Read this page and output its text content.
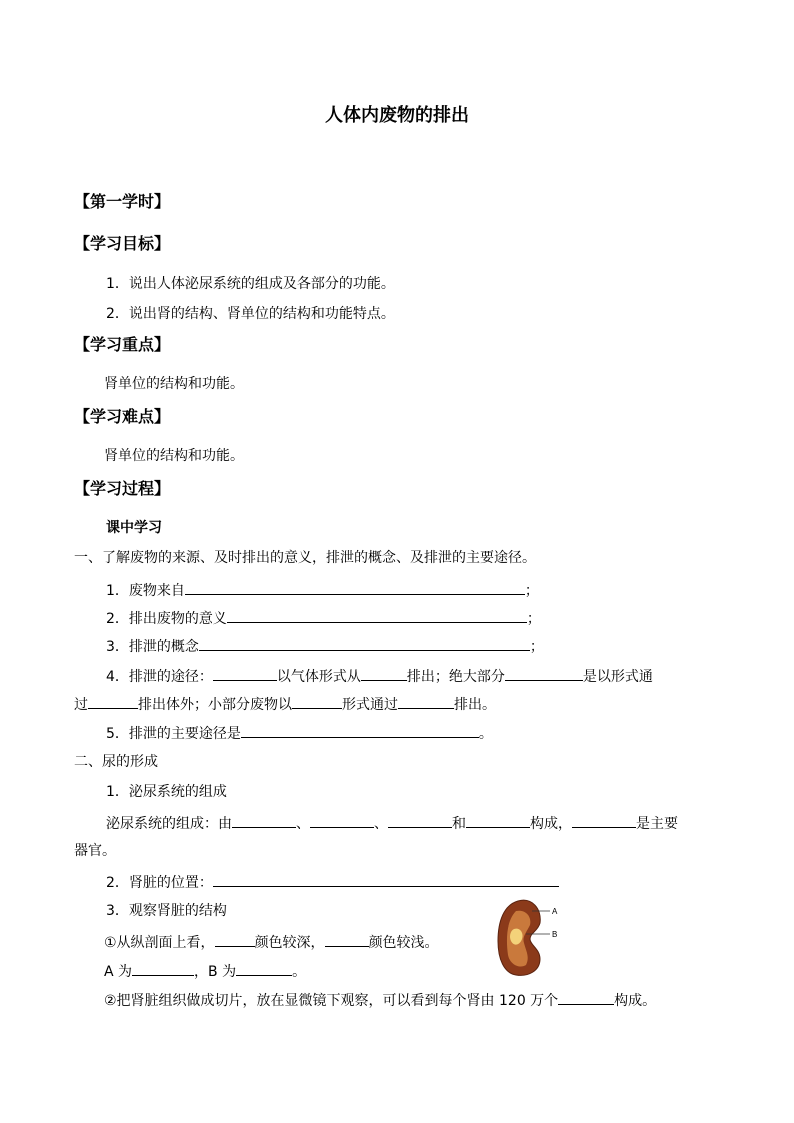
人体内废物的排出
【第一学时】
【学习目标】
1．说出人体泌尿系统的组成及各部分的功能。
2．说出肾的结构、肾单位的结构和功能特点。
【学习重点】
肾单位的结构和功能。
【学习难点】
肾单位的结构和功能。
【学习过程】
课中学习
一、了解废物的来源、及时排出的意义，排泄的概念、及排泄的主要途径。
1．废物来自	；
2．排出废物的意义	；
3．排泄的概念	；
4．排泄的途径：	以气体形式从	排出；绝大部分	是以形式通
过	排出体外；小部分废物以	形式通过	排出。
5．排泄的主要途径是	。
二、尿的形成
1．泌尿系统的组成
泌尿系统的组成：由	、	、	和	构成，	是主要
器官。
2．肾脏的位置：
3．观察肾脏的结构
①从纵剖面上看，	颜色较深，	颜色较浅。
A 为	，B 为	。
②把肾脏组织做成切片，放在显微镜下观察，可以看到每个肾由 120 万个	构成。
A
B
